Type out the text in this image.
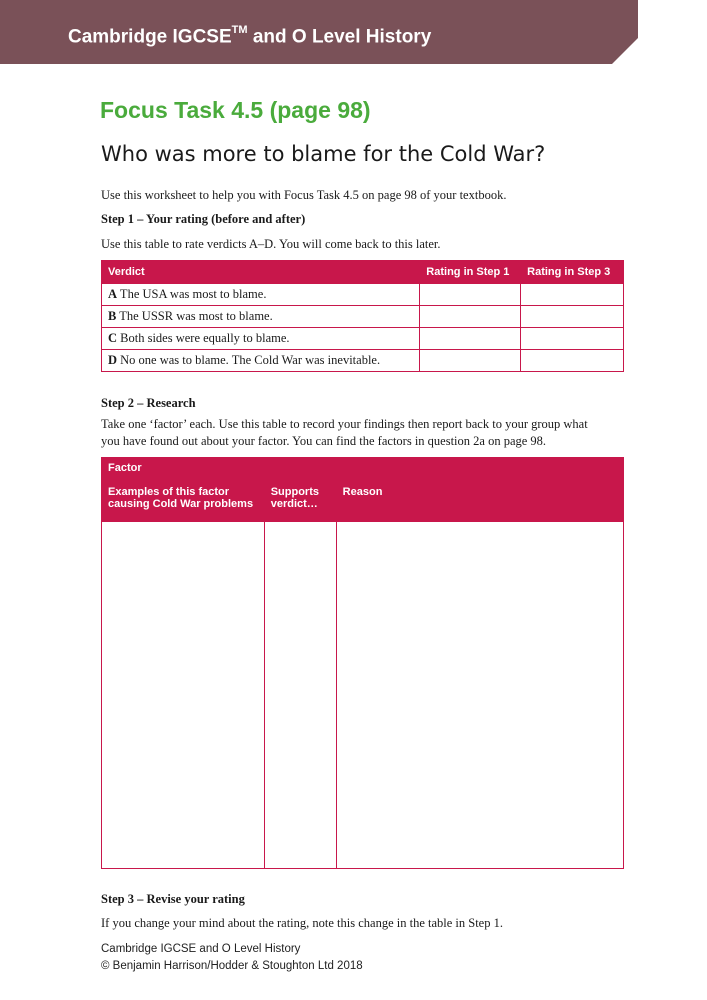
Cambridge IGCSE™ and O Level History
Focus Task 4.5 (page 98)
Who was more to blame for the Cold War?
Use this worksheet to help you with Focus Task 4.5 on page 98 of your textbook.
Step 1 – Your rating (before and after)
Use this table to rate verdicts A–D. You will come back to this later.
Verdict	Rating in Step 1	Rating in Step 3
A The USA was most to blame.		
B The USSR was most to blame.		
C Both sides were equally to blame.		
D No one was to blame. The Cold War was inevitable.		
Step 2 – Research
Take one ‘factor’ each. Use this table to record your findings then report back to your group what
you have found out about your factor. You can find the factors in question 2a on page 98.
Factor		
Examples of this factor causing Cold War problems	Supports verdict…	Reason

Step 3 – Revise your rating
If you change your mind about the rating, note this change in the table in Step 1.
Cambridge IGCSE and O Level History
© Benjamin Harrison/Hodder & Stoughton Ltd 2018
